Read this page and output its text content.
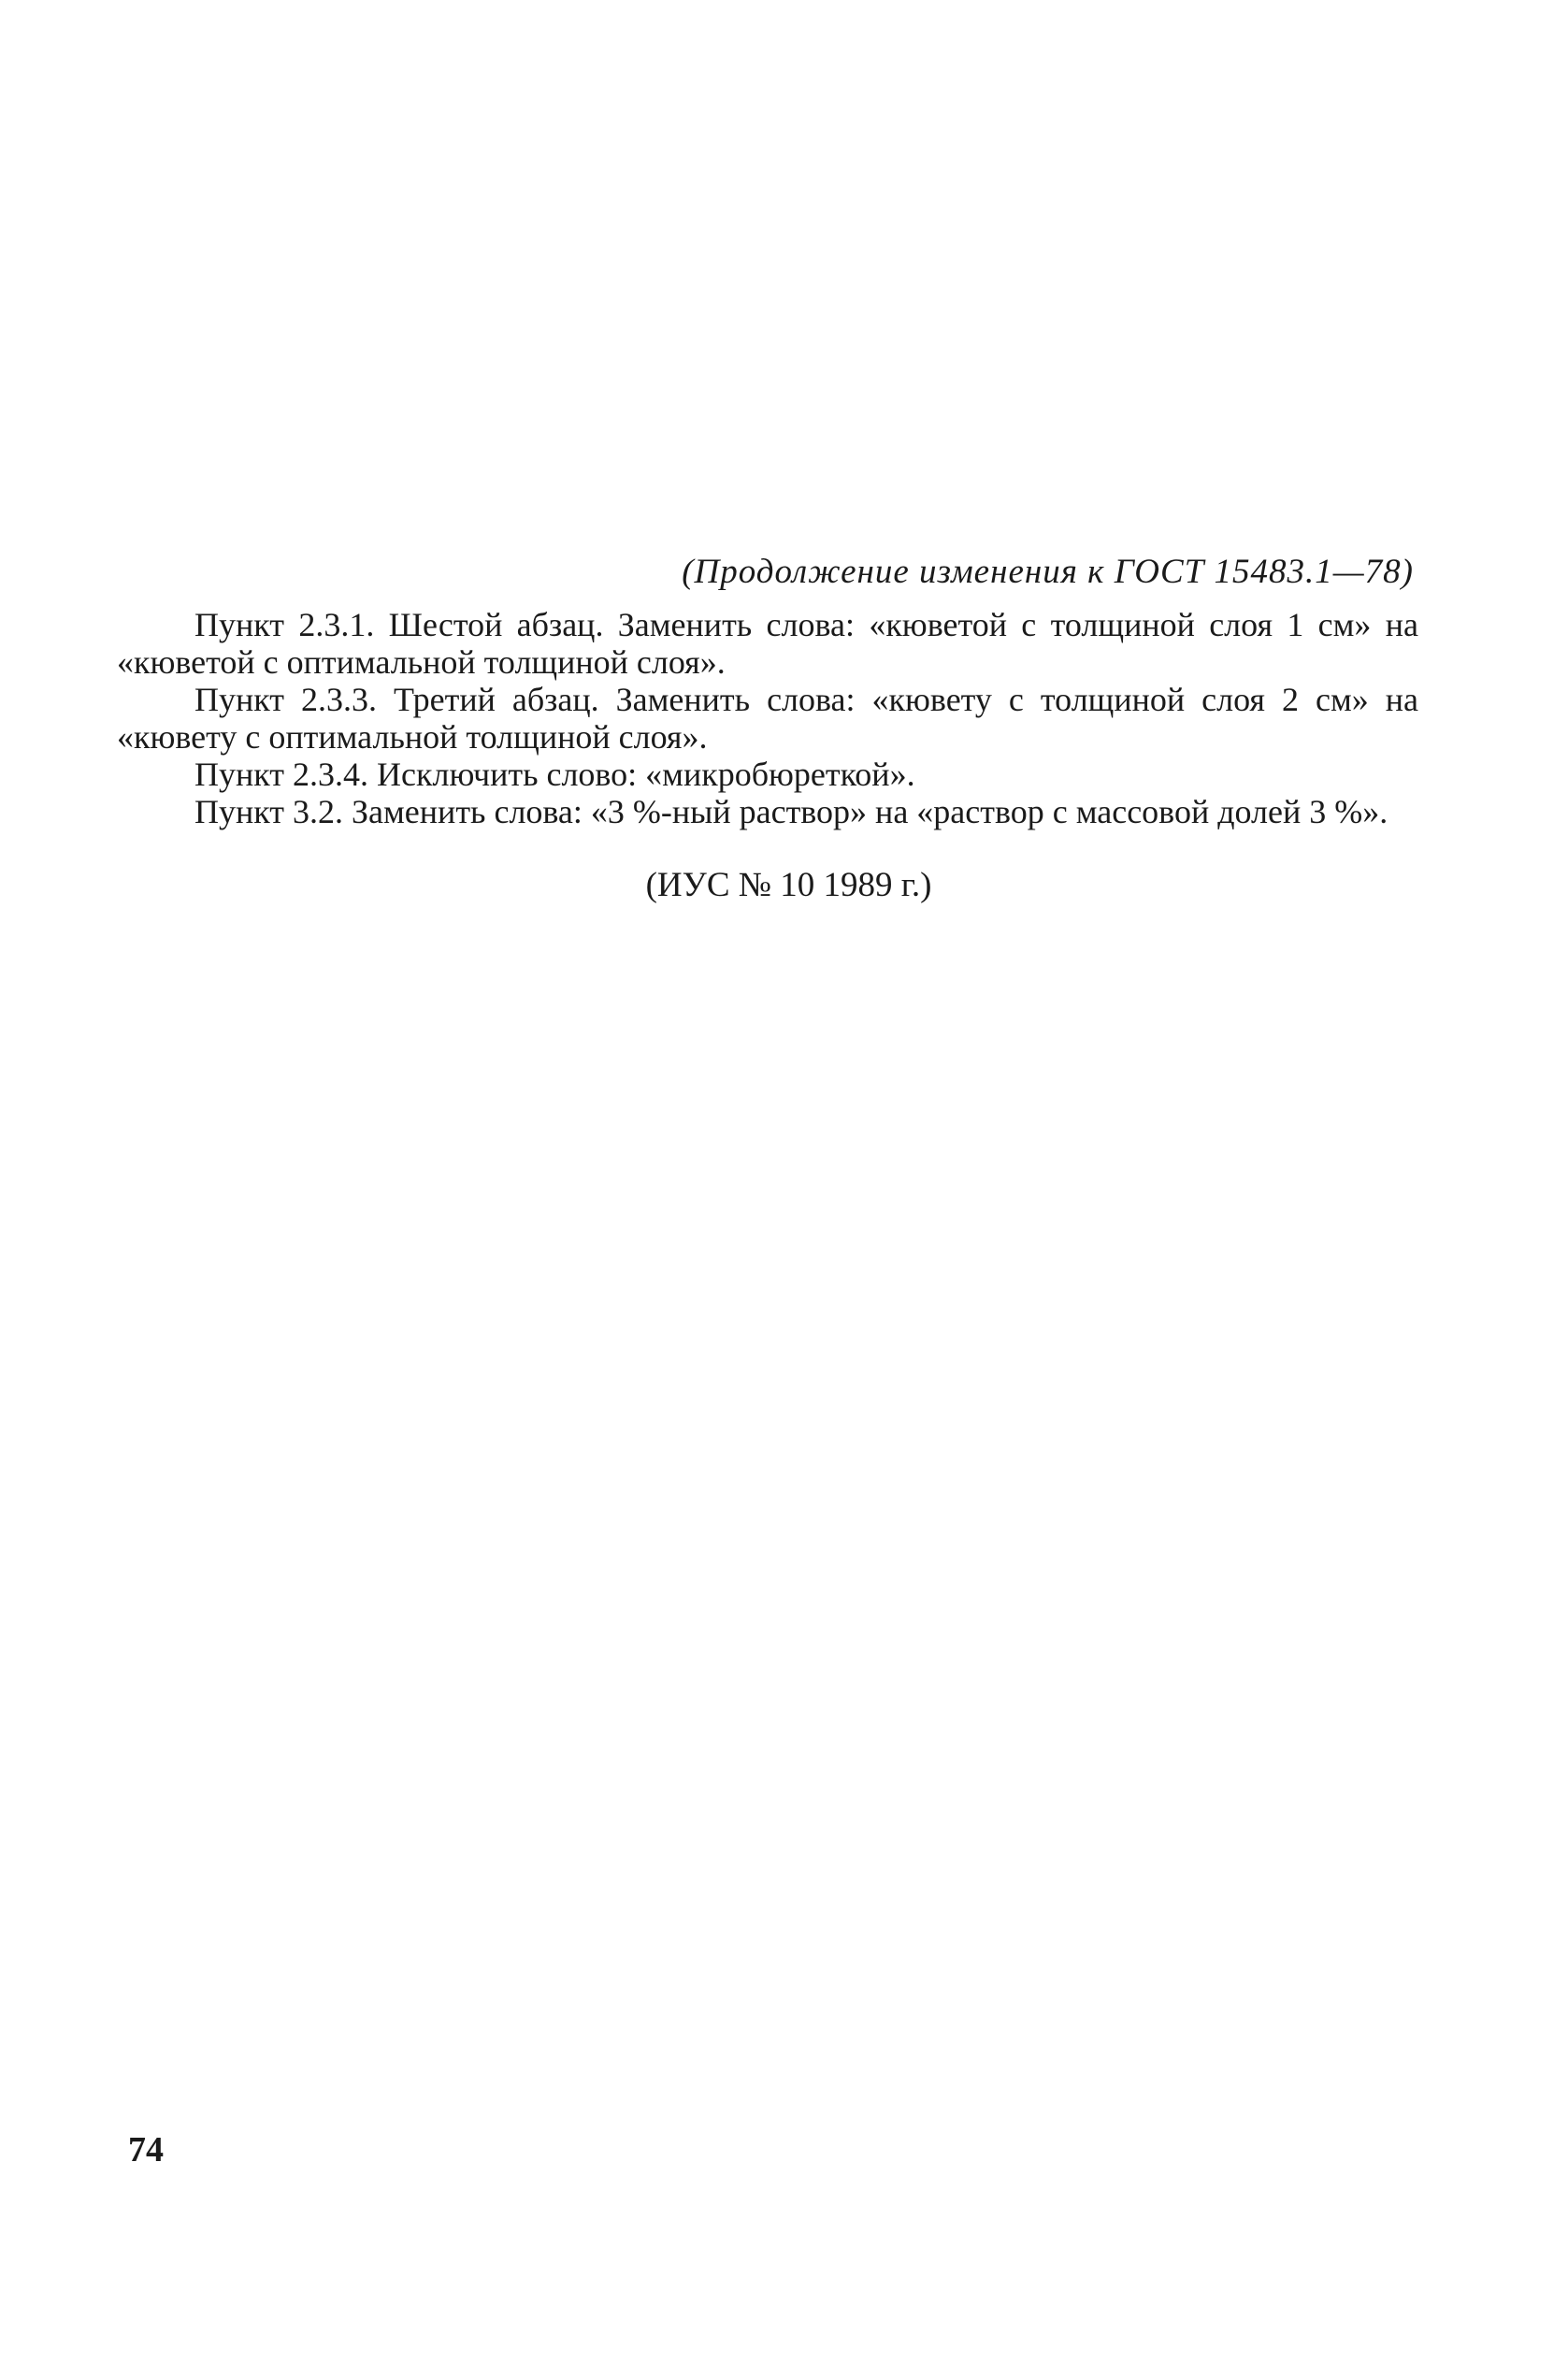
(Продолжение изменения к ГОСТ 15483.1—78)

Пункт 2.3.1. Шестой абзац. Заменить слова: «кюветой с толщиной слоя 1 см» на «кюветой с оптимальной толщиной слоя».

Пункт 2.3.3. Третий абзац. Заменить слова: «кювету с толщиной слоя 2 см» на «кювету с оптимальной толщиной слоя».

Пункт 2.3.4. Исключить слово: «микробюреткой».

Пункт 3.2. Заменить слова: «3 %-ный раствор» на «раствор с массовой долей 3 %».

(ИУС № 10 1989 г.)
74
